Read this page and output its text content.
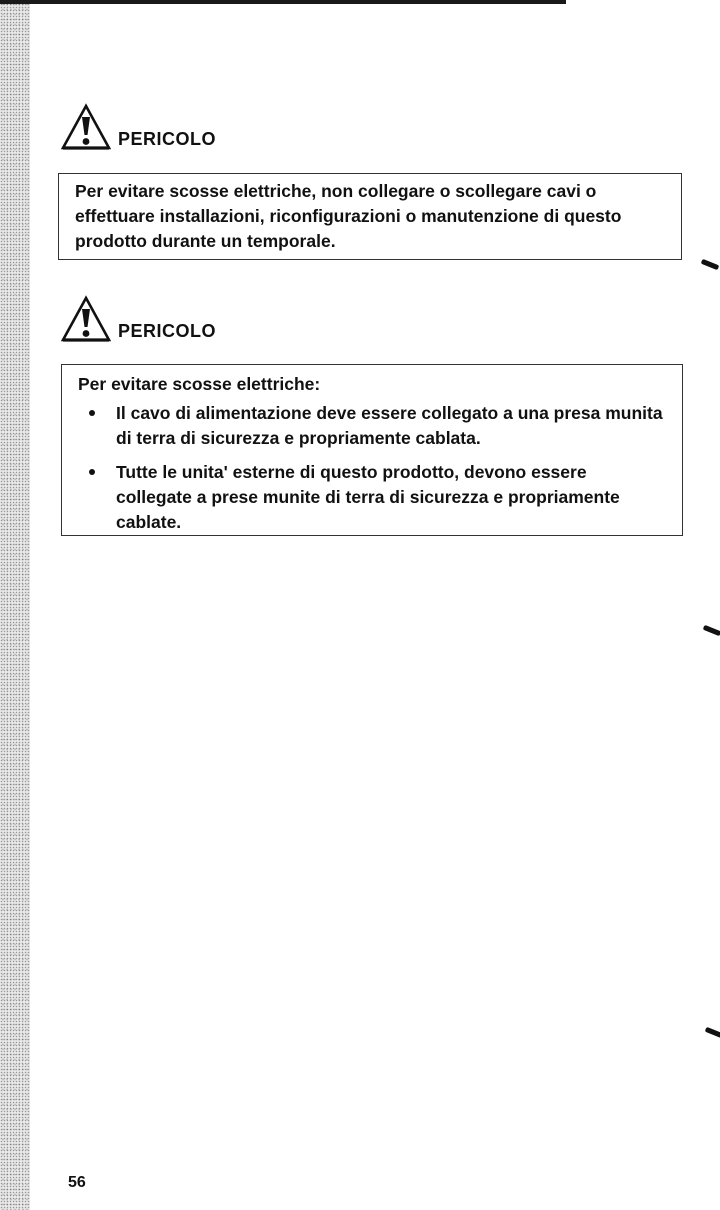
PERICOLO
Per evitare scosse elettriche, non collegare o scollegare cavi o effettuare installazioni, riconfigurazioni o manutenzione di questo prodotto durante un temporale.
PERICOLO
Per evitare scosse elettriche:
Il cavo di alimentazione deve essere collegato a una presa munita di terra di sicurezza e propriamente cablata.
Tutte le unita' esterne di questo prodotto, devono essere collegate a prese munite di terra di sicurezza e propriamente cablate.
56
